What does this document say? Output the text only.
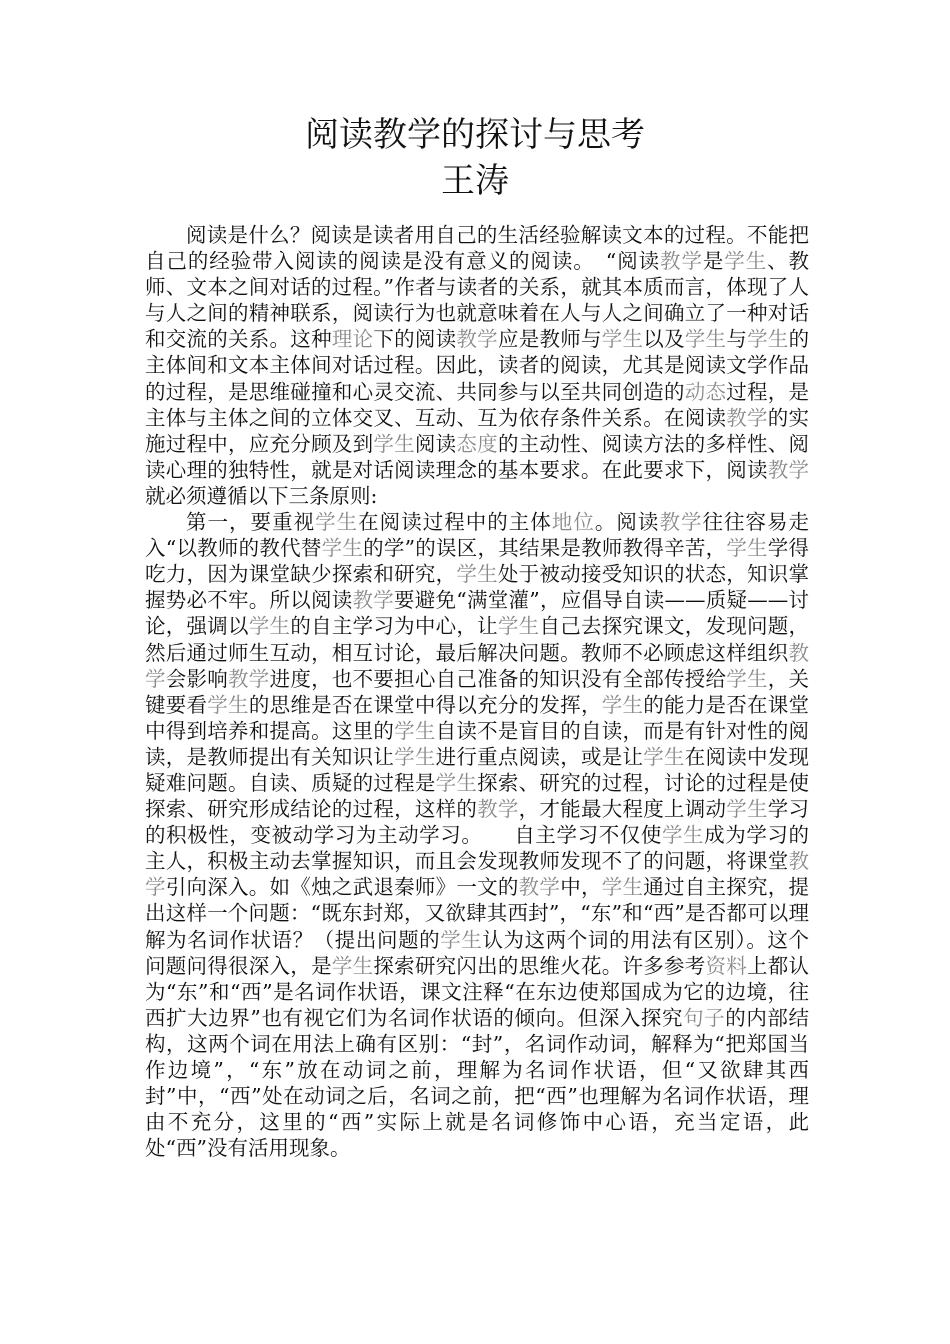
阅读教学的探讨与思考
王涛

阅读是什么？阅读是读者用自己的生活经验解读文本的过程。不能把自己的经验带入阅读的阅读是没有意义的阅读。　“阅读教学是学生、教师、文本之间对话的过程。”作者与读者的关系，就其本质而言，体现了人与人之间的精神联系，阅读行为也就意味着在人与人之间确立了一种对话和交流的关系。这种理论下的阅读教学应是教师与学生以及学生与学生的主体间和文本主体间对话过程。因此，读者的阅读，尤其是阅读文学作品的过程，是思维碰撞和心灵交流、共同参与以至共同创造的动态过程，是主体与主体之间的立体交叉、互动、互为依存条件关系。在阅读教学的实施过程中，应充分顾及到学生阅读态度的主动性、阅读方法的多样性、阅读心理的独特性，就是对话阅读理念的基本要求。在此要求下，阅读教学就必须遵循以下三条原则:

第一，要重视学生在阅读过程中的主体地位。阅读教学往往容易走入“以教师的教代替学生的学”的误区，其结果是教师教得辛苦，学生学得吃力，因为课堂缺少探索和研究，学生处于被动接受知识的状态，知识掌握势必不牢。所以阅读教学要避免“满堂灌”，应倡导自读——质疑——讨论，强调以学生的自主学习为中心，让学生自己去探究课文，发现问题，然后通过师生互动，相互讨论，最后解决问题。教师不必顾虑这样组织教学会影响教学进度，也不要担心自己准备的知识没有全部传授给学生，关键要看学生的思维是否在课堂中得以充分的发挥，学生的能力是否在课堂中得到培养和提高。这里的学生自读不是盲目的自读，而是有针对性的阅读，是教师提出有关知识让学生进行重点阅读，或是让学生在阅读中发现疑难问题。自读、质疑的过程是学生探索、研究的过程，讨论的过程是使探索、研究形成结论的过程，这样的教学，才能最大程度上调动学生学习的积极性，变被动学习为主动学习。　　自主学习不仅使学生成为学习的主人，积极主动去掌握知识，而且会发现教师发现不了的问题，将课堂教学引向深入。如《烛之武退秦师》一文的教学中，学生通过自主探究，提出这样一个问题：“既东封郑，又欲肆其西封”，“东”和“西”是否都可以理解为名词作状语？（提出问题的学生认为这两个词的用法有区别）。这个问题问得很深入，是学生探索研究闪出的思维火花。许多参考资料上都认为“东”和“西”是名词作状语，课文注释“在东边使郑国成为它的边境，往西扩大边界”也有视它们为名词作状语的倾向。但深入探究句子的内部结构，这两个词在用法上确有区别：“封”，名词作动词，解释为“把郑国当作边境”，“东”放在动词之前，理解为名词作状语，但“又欲肆其西封”中，“西”处在动词之后，名词之前，把“西”也理解为名词作状语，理由不充分，这里的“西”实际上就是名词修饰中心语，充当定语，此处“西”没有活用现象。
